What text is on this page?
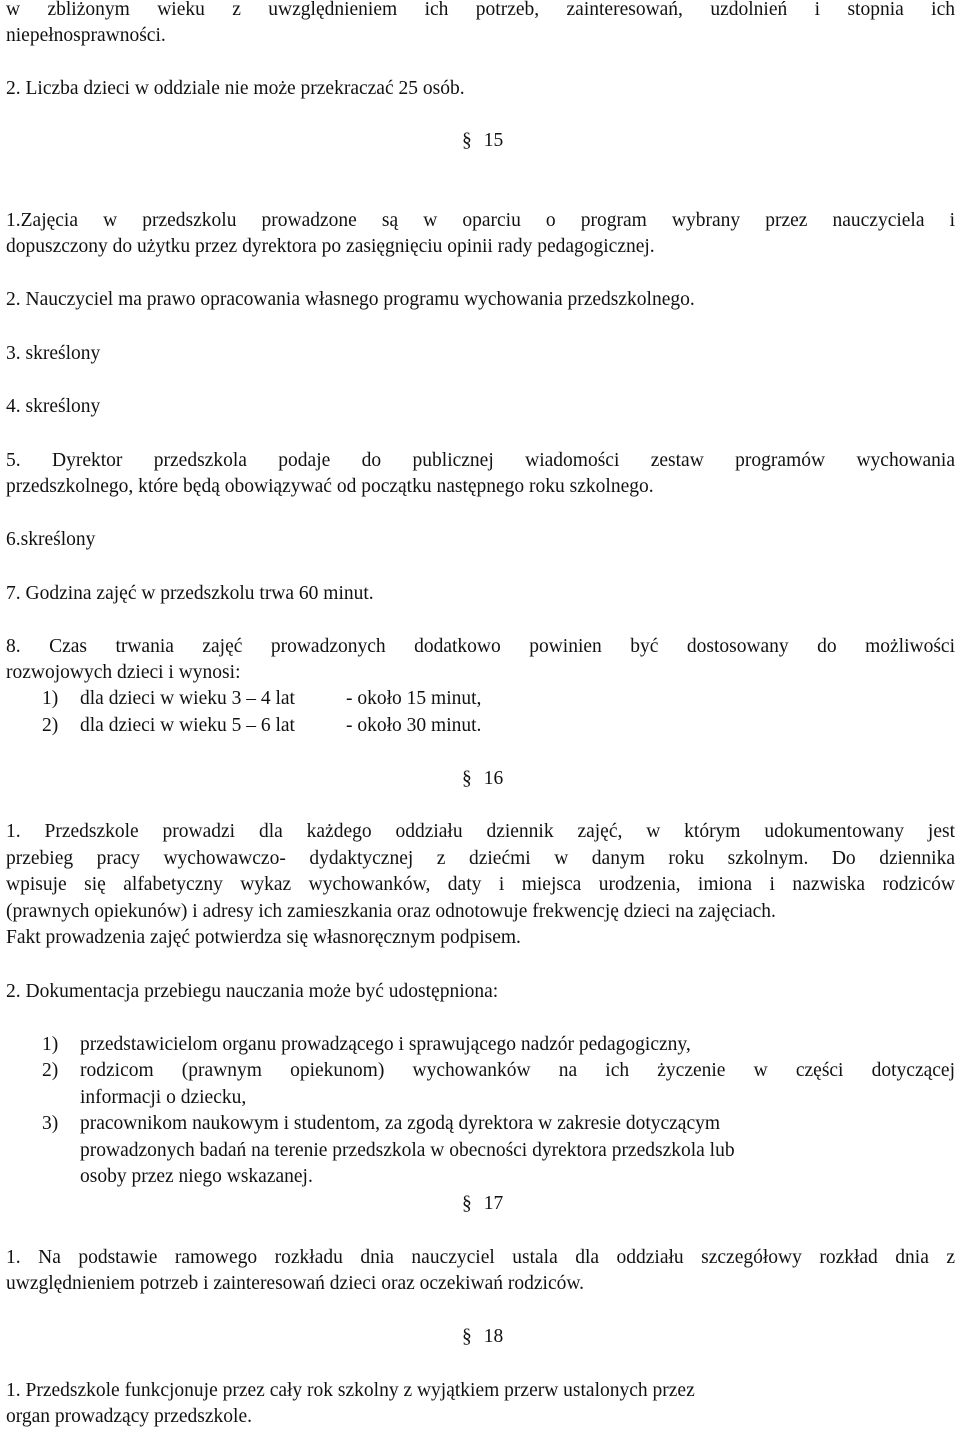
w zbliżonym wieku z uwzględnieniem ich potrzeb, zainteresowań, uzdolnień i stopnia ich
niepełnosprawności.
2. Liczba dzieci w oddziale nie może przekraczać 25 osób.
§ 15
1.Zajęcia w przedszkolu prowadzone są w oparciu o program wybrany przez nauczyciela i
dopuszczony do użytku przez dyrektora po zasięgnięciu opinii rady pedagogicznej.
2. Nauczyciel ma prawo opracowania własnego programu wychowania przedszkolnego.
3. skreślony
4. skreślony
5. Dyrektor przedszkola podaje do publicznej wiadomości zestaw programów wychowania
przedszkolnego, które będą obowiązywać od początku następnego roku szkolnego.
6.skreślony
7. Godzina zajęć w przedszkolu trwa 60 minut.
8. Czas trwania zajęć prowadzonych dodatkowo powinien być dostosowany do możliwości
rozwojowych dzieci i wynosi:
1) dla dzieci w wieku 3 – 4 lat	- około 15 minut,
2) dla dzieci w wieku 5 – 6 lat	- około 30 minut.
§ 16
1. Przedszkole prowadzi dla każdego oddziału dziennik zajęć, w którym udokumentowany jest
przebieg pracy wychowawczo- dydaktycznej z dziećmi w danym roku szkolnym. Do dziennika
wpisuje się alfabetyczny wykaz wychowanków, daty i miejsca urodzenia, imiona i nazwiska rodziców
(prawnych opiekunów) i adresy ich zamieszkania oraz odnotowuje frekwencję dzieci na zajęciach.
Fakt prowadzenia zajęć potwierdza się własnoręcznym podpisem.
2. Dokumentacja przebiegu nauczania może być udostępniona:
1) przedstawicielom organu prowadzącego i sprawującego nadzór pedagogiczny,
2) rodzicom (prawnym opiekunom) wychowanków na ich życzenie w części dotyczącej
informacji o dziecku,
3) pracownikom naukowym i studentom, za zgodą dyrektora w zakresie dotyczącym
prowadzonych badań na terenie przedszkola w obecności dyrektora przedszkola lub
osoby przez niego wskazanej.
§ 17
1. Na podstawie ramowego rozkładu dnia nauczyciel ustala dla oddziału szczegółowy rozkład dnia z
uwzględnieniem potrzeb i zainteresowań dzieci oraz oczekiwań rodziców.
§ 18
1. Przedszkole funkcjonuje przez cały rok szkolny z wyjątkiem przerw ustalonych przez
organ prowadzący przedszkole.
